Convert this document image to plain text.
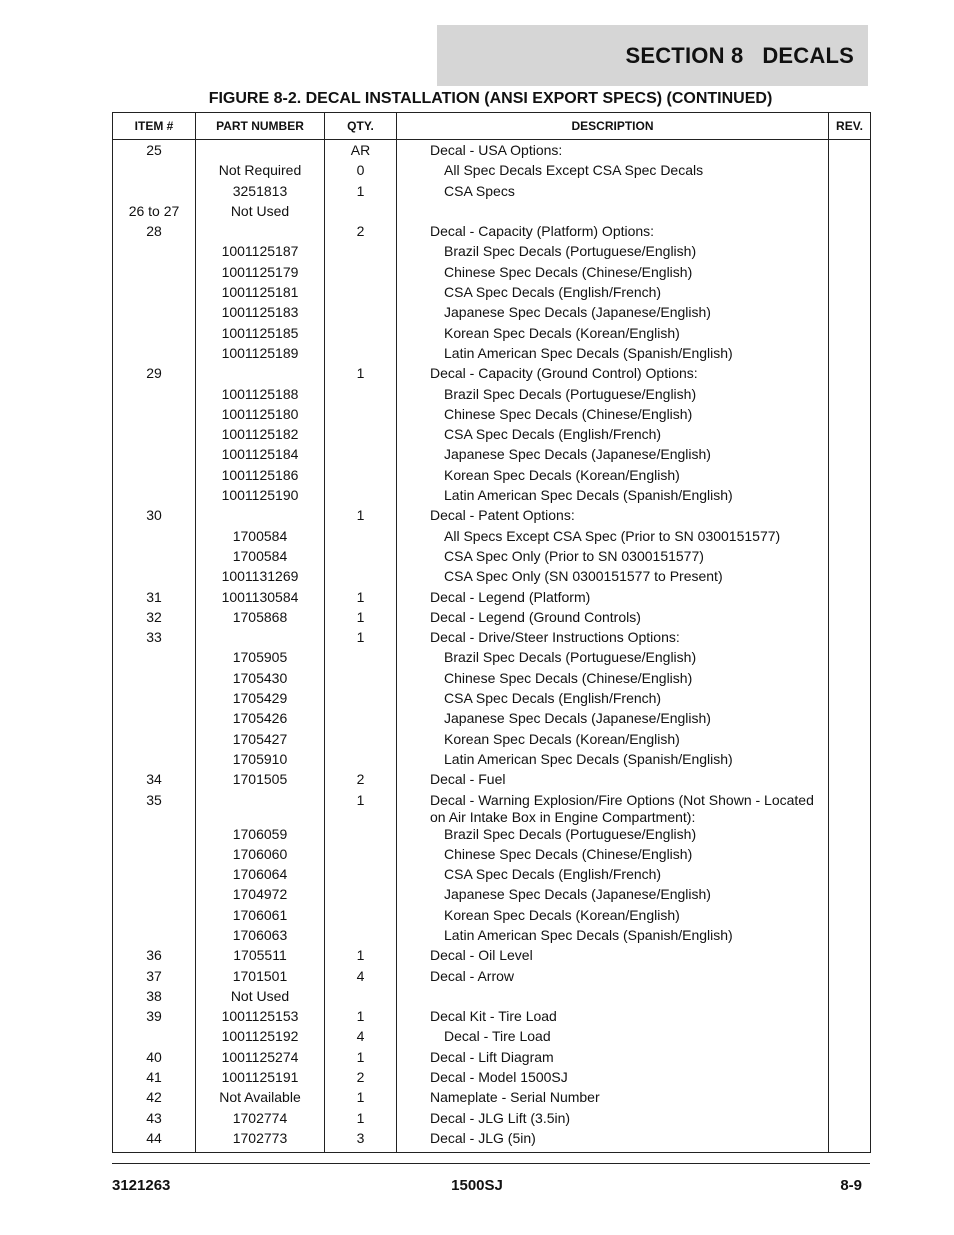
SECTION 8   DECALS
FIGURE 8-2. DECAL INSTALLATION (ANSI EXPORT SPECS) (CONTINUED)
ITEM #	PART NUMBER	QTY.	DESCRIPTION	REV.
25		AR	Decal - USA Options:	
	Not Required	0	All Spec Decals Except CSA Spec Decals	
	3251813	1	CSA Specs	
26 to 27	Not Used			
28		2	Decal - Capacity (Platform) Options:	
	1001125187		Brazil Spec Decals (Portuguese/English)	
	1001125179		Chinese Spec Decals (Chinese/English)	
	1001125181		CSA Spec Decals (English/French)	
	1001125183		Japanese Spec Decals (Japanese/English)	
	1001125185		Korean Spec Decals (Korean/English)	
	1001125189		Latin American Spec Decals (Spanish/English)	
29		1	Decal - Capacity (Ground Control) Options:	
	1001125188		Brazil Spec Decals (Portuguese/English)	
	1001125180		Chinese Spec Decals (Chinese/English)	
	1001125182		CSA Spec Decals (English/French)	
	1001125184		Japanese Spec Decals (Japanese/English)	
	1001125186		Korean Spec Decals (Korean/English)	
	1001125190		Latin American Spec Decals (Spanish/English)	
30		1	Decal - Patent Options:	
	1700584		All Specs Except CSA Spec (Prior to SN 0300151577)	
	1700584		CSA Spec Only (Prior to SN 0300151577)	
	1001131269		CSA Spec Only (SN 0300151577 to Present)	
31	1001130584	1	Decal - Legend (Platform)	
32	1705868	1	Decal - Legend (Ground Controls)	
33		1	Decal - Drive/Steer Instructions Options:	
	1705905		Brazil Spec Decals (Portuguese/English)	
	1705430		Chinese Spec Decals (Chinese/English)	
	1705429		CSA Spec Decals (English/French)	
	1705426		Japanese Spec Decals (Japanese/English)	
	1705427		Korean Spec Decals (Korean/English)	
	1705910		Latin American Spec Decals (Spanish/English)	
34	1701505	2	Decal - Fuel	
35		1	Decal - Warning Explosion/Fire Options (Not Shown - Located on Air Intake Box in Engine Compartment):	
	1706059		Brazil Spec Decals (Portuguese/English)	
	1706060		Chinese Spec Decals (Chinese/English)	
	1706064		CSA Spec Decals (English/French)	
	1704972		Japanese Spec Decals (Japanese/English)	
	1706061		Korean Spec Decals (Korean/English)	
	1706063		Latin American Spec Decals (Spanish/English)	
36	1705511	1	Decal - Oil Level	
37	1701501	4	Decal - Arrow	
38	Not Used			
39	1001125153	1	Decal Kit - Tire Load	
	1001125192	4	Decal - Tire Load	
40	1001125274	1	Decal - Lift Diagram	
41	1001125191	2	Decal - Model 1500SJ	
42	Not Available	1	Nameplate - Serial Number	
43	1702774	1	Decal - JLG Lift (3.5in)	
44	1702773	3	Decal - JLG (5in)	
3121263	1500SJ	8-9
